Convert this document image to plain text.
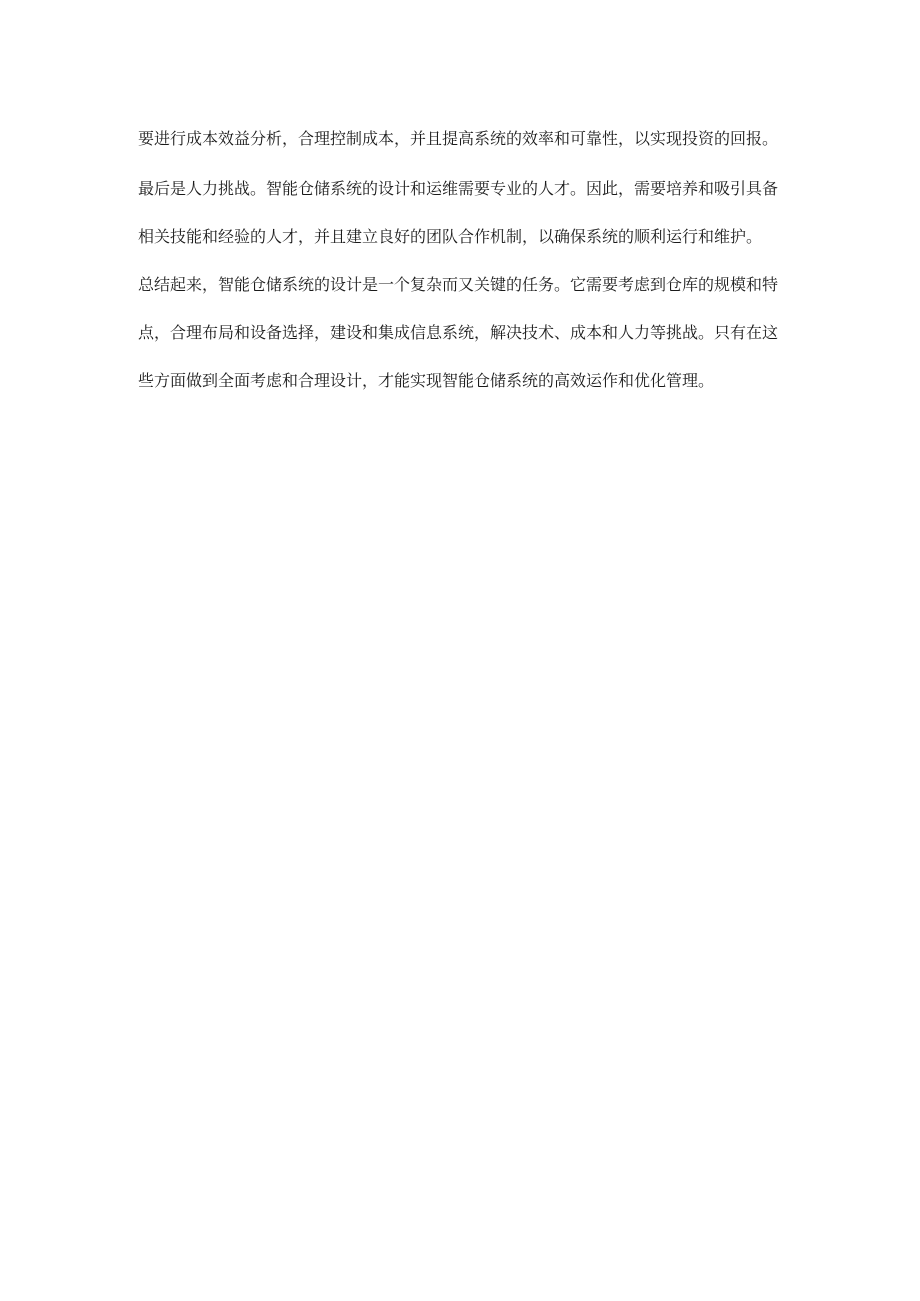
要进行成本效益分析，合理控制成本，并且提高系统的效率和可靠性，以实现投资的回报。

最后是人力挑战。智能仓储系统的设计和运维需要专业的人才。因此，需要培养和吸引具备相关技能和经验的人才，并且建立良好的团队合作机制，以确保系统的顺利运行和维护。

总结起来，智能仓储系统的设计是一个复杂而又关键的任务。它需要考虑到仓库的规模和特点，合理布局和设备选择，建设和集成信息系统，解决技术、成本和人力等挑战。只有在这些方面做到全面考虑和合理设计，才能实现智能仓储系统的高效运作和优化管理。
